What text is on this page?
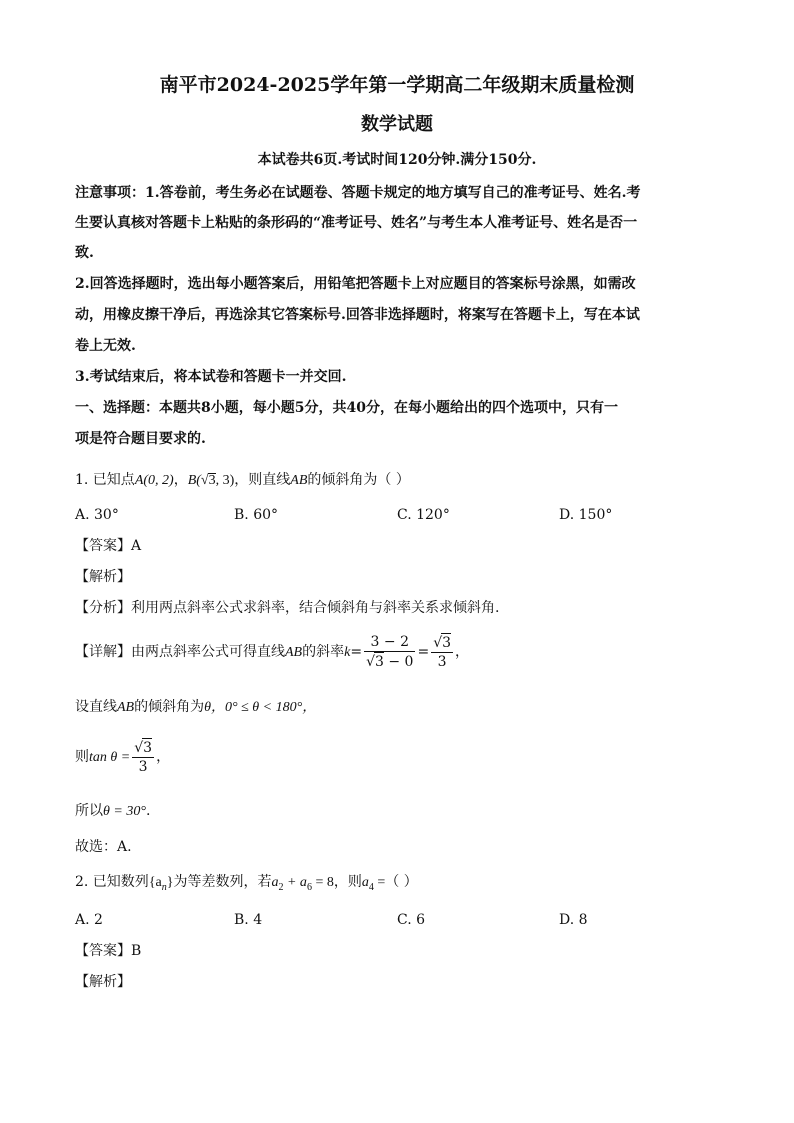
南平市2024-2025学年第一学期高二年级期末质量检测
数学试题
本试卷共6页.考试时间120分钟.满分150分.
注意事项：1.答卷前，考生务必在试题卷、答题卡规定的地方填写自己的准考证号、姓名.考
生要认真核对答题卡上粘贴的条形码的“准考证号、姓名”与考生本人准考证号、姓名是否一
致.
2.回答选择题时，选出每小题答案后，用铅笔把答题卡上对应题目的答案标号涂黑，如需改
动，用橡皮擦干净后，再选涂其它答案标号.回答非选择题时，将案写在答题卡上，写在本试
卷上无效.
3.考试结束后，将本试卷和答题卡一并交回.
一、选择题：本题共8小题，每小题5分，共40分，在每小题给出的四个选项中，只有一
项是符合题目要求的.
1. 已知点A(0, 2)，B(√3, 3)，则直线AB的倾斜角为（ ）
A. 30°	B. 60°	C. 120°	D. 150°
【答案】A
【解析】
【分析】利用两点斜率公式求斜率，结合倾斜角与斜率关系求倾斜角.
【详解】由两点斜率公式可得直线AB的斜率$k= \frac{3 - 2}{√3 - 0} = \frac{√3}{3}$ ，
设直线AB的倾斜角为θ，0° ≤ θ < 180°，
则$\tan \theta = \frac{√3}{3}$ ，
所以θ = 30°.
故选：A.
2. 已知数列$\{a_n\}$为等差数列，若$a_2 + a_6 = 8$，则$a_4$ =（ ）
A. 2	B. 4	C. 6	D. 8
【答案】B
【解析】
